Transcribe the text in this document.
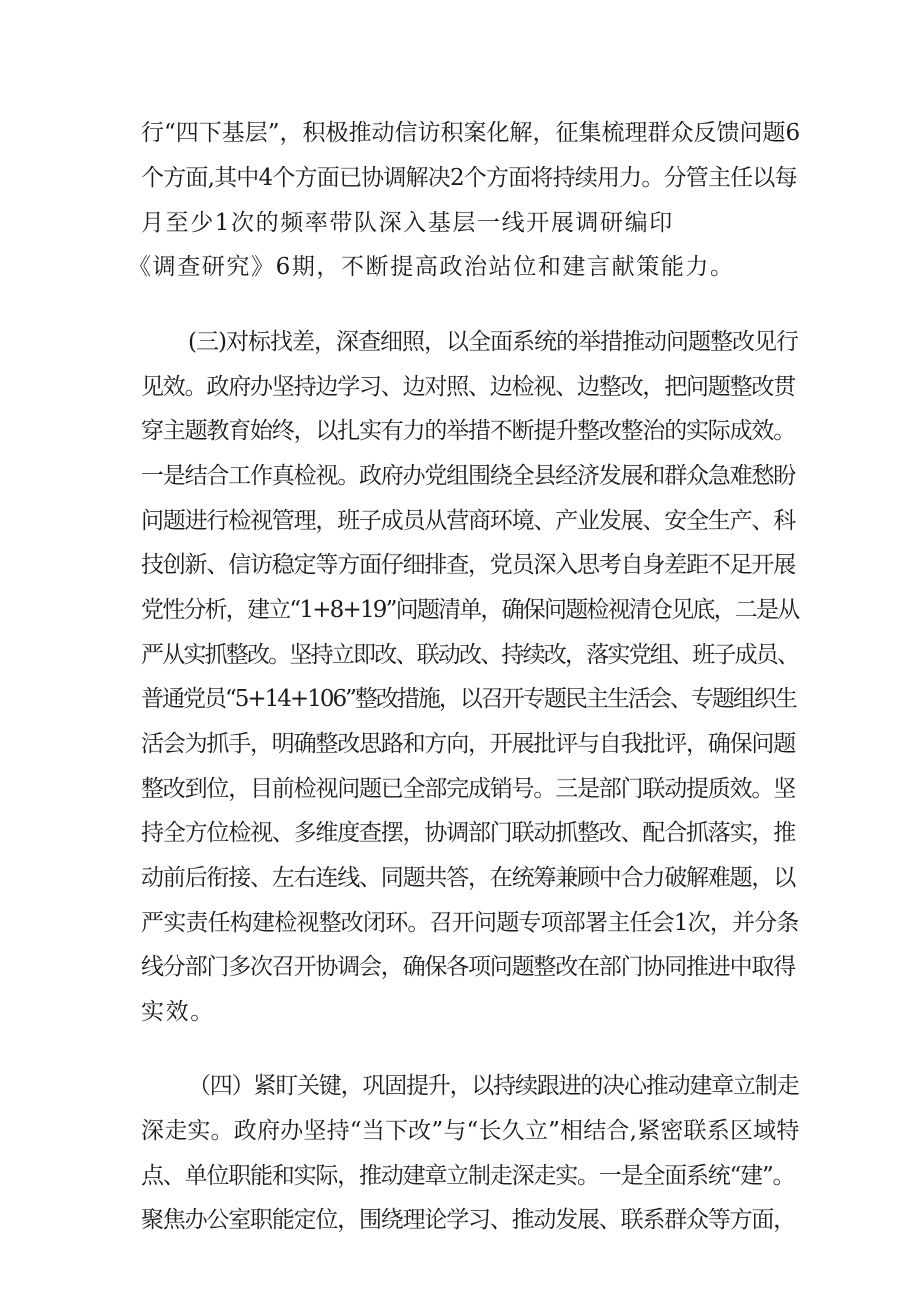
行“四下基层”，积极推动信访积案化解，征集梳理群众反馈问题6
个方面,其中4个方面已协调解决2个方面将持续用力。分管主任以每
月至少1次的频率带队深入基层一线开展调研编印
《调查研究》6期，不断提高政治站位和建言献策能力。
(三)对标找差，深查细照，以全面系统的举措推动问题整改见行
见效。政府办坚持边学习、边对照、边检视、边整改，把问题整改贯
穿主题教育始终，以扎实有力的举措不断提升整改整治的实际成效。
一是结合工作真检视。政府办党组围绕全县经济发展和群众急难愁盼
问题进行检视管理，班子成员从营商环境、产业发展、安全生产、科
技创新、信访稳定等方面仔细排查，党员深入思考自身差距不足开展
党性分析，建立“1+8+19”问题清单，确保问题检视清仓见底，二是从
严从实抓整改。坚持立即改、联动改、持续改，落实党组、班子成员、
普通党员“5+14+106”整改措施，以召开专题民主生活会、专题组织生
活会为抓手，明确整改思路和方向，开展批评与自我批评，确保问题
整改到位，目前检视问题已全部完成销号。三是部门联动提质效。坚
持全方位检视、多维度查摆，协调部门联动抓整改、配合抓落实，推
动前后衔接、左右连线、同题共答，在统筹兼顾中合力破解难题，以
严实责任构建检视整改闭环。召开问题专项部署主任会1次，并分条
线分部门多次召开协调会，确保各项问题整改在部门协同推进中取得
实效。
（四）紧盯关键，巩固提升，以持续跟进的决心推动建章立制走
深走实。政府办坚持“当下改”与“长久立”相结合,紧密联系区域特
点、单位职能和实际，推动建章立制走深走实。一是全面系统“建”。
聚焦办公室职能定位，围绕理论学习、推动发展、联系群众等方面，
